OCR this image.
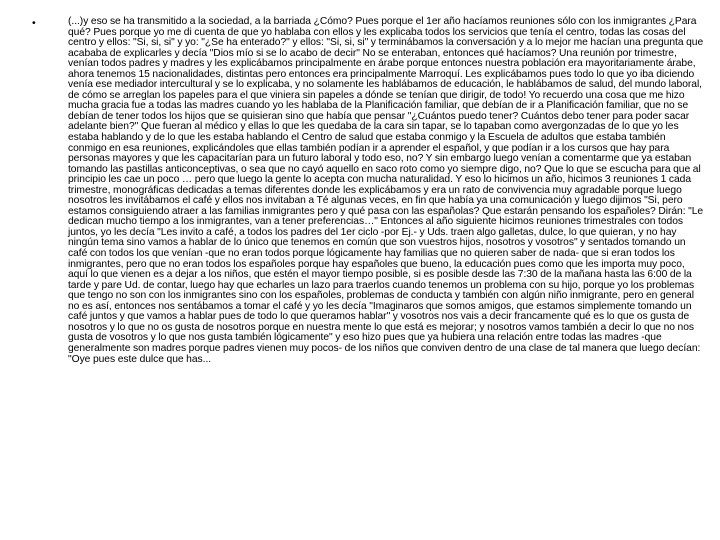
•	(...)y eso se ha transmitido a la sociedad, a la barriada ¿Cómo? Pues porque el 1er año hacíamos reuniones sólo con los inmigrantes ¿Para qué? Pues porque yo me di cuenta de que yo hablaba con ellos y les explicaba todos los servicios que tenía el centro, todas las cosas del centro y ellos: "Si, si, si" y yo: "¿Se ha enterado?" y ellos: "Si, si, si" y terminábamos la conversación y a lo mejor me hacían una pregunta que acababa de explicarles y decía "Dios mío si se lo acabo de decir" No se enteraban, entonces qué hacíamos? Una reunión por trimestre, venían todos padres y madres y les explicábamos principalmente en árabe porque entonces nuestra población era mayoritariamente árabe, ahora tenemos 15 nacionalidades, distintas pero entonces era principalmente Marroquí. Les explicábamos pues todo lo que yo iba diciendo venía ese mediador intercultural y se lo explicaba, y no solamente les hablábamos de educación, le hablábamos de salud, del mundo laboral, de cómo se arreglan los papeles para el que viniera sin papeles a dónde se tenían que dirigir, de todo! Yo recuerdo una cosa que me hizo mucha gracia fue a todas las madres cuando yo les hablaba de la Planificación familiar, que debían de ir a Planificación familiar, que no se debían de tener todos los hijos que se quisieran sino que había que pensar "¿Cuántos puedo tener? Cuántos debo tener para poder sacar adelante bien?" Que fueran al médico y ellas lo que les quedaba de la cara sin tapar, se lo tapaban como avergonzadas de lo que yo les estaba hablando y de lo que les estaba hablando el Centro de salud que estaba conmigo y la Escuela de adultos que estaba también conmigo en esa reuniones, explicándoles que ellas también podían ir a aprender el español, y que podían ir a los cursos que hay para personas mayores y que les capacitarían para un futuro laboral y todo eso, no? Y sin embargo luego venían a comentarme que ya estaban tomando las pastillas anticonceptivas, o sea que no cayó aquello en saco roto como yo siempre digo, no? Que lo que se escucha para que al principio les cae un poco … pero que luego la gente lo acepta con mucha naturalidad. Y eso lo hicimos un año, hicimos 3 reuniones 1 cada trimestre, monográficas dedicadas a temas diferentes donde les explicábamos y era un rato de convivencia muy agradable porque luego nosotros les invitábamos el café y ellos nos invitaban a Té algunas veces, en fin que había ya una comunicación y luego dijimos "Si, pero estamos consiguiendo atraer a las familias inmigrantes pero y qué pasa con las españolas? Que estarán pensando los españoles? Dirán: "Le dedican mucho tiempo a los inmigrantes, van a tener preferencias…" Entonces al año siguiente hicimos reuniones trimestrales con todos juntos, yo les decía "Les invito a café, a todos los padres del 1er ciclo -por Ej.- y Uds. traen algo galletas, dulce, lo que quieran, y no hay ningún tema sino vamos a hablar de lo único que tenemos en común que son vuestros hijos, nosotros y vosotros" y sentados tomando un café con todos los que venían -que no eran todos porque lógicamente hay familias que no quieren saber de nada- que si eran todos los inmigrantes, pero que no eran todos los españoles porque hay españoles que bueno, la educación pues como que les importa muy poco, aquí lo que vienen es a dejar a los niños, que estén el mayor tiempo posible, si es posible desde las 7:30 de la mañana hasta las 6:00 de la tarde y pare Ud. de contar, luego hay que echarles un lazo para traerlos cuando tenemos un problema con su hijo, porque yo los problemas que tengo no son con los inmigrantes sino con los españoles, problemas de conducta y también con algún niño inmigrante, pero en general no es así, entonces nos sentábamos a tomar el café y yo les decía "Imaginaros que somos amigos, que estamos simplemente tomando un café juntos y que vamos a hablar pues de todo lo que queramos hablar" y vosotros nos vais a decir francamente qué es lo que os gusta de nosotros y lo que no os gusta de nosotros porque en nuestra mente lo que está es mejorar; y nosotros vamos también a decir lo que no nos gusta de vosotros y lo que nos gusta también lógicamente" y eso hizo pues que ya hubiera una relación entre todas las madres -que generalmente son madres porque padres vienen muy pocos- de los niños que conviven dentro de una clase de tal manera que luego decían: "Oye pues este dulce que has...
